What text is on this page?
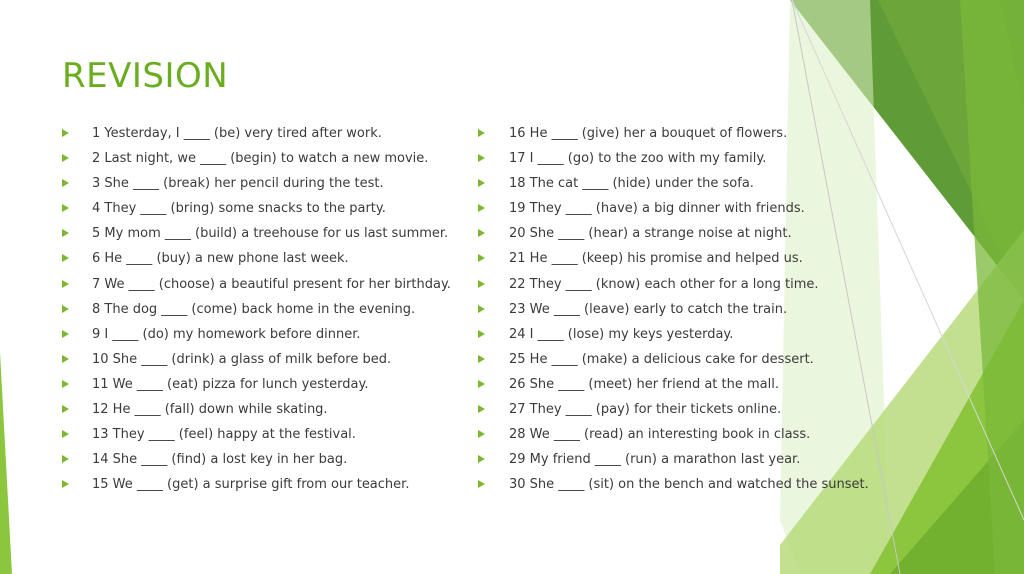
REVISION
1 Yesterday, I ____ (be) very tired after work.
2 Last night, we ____ (begin) to watch a new movie.
3 She ____ (break) her pencil during the test.
4 They ____ (bring) some snacks to the party.
5 My mom ____ (build) a treehouse for us last summer.
6 He ____ (buy) a new phone last week.
7 We ____ (choose) a beautiful present for her birthday.
8 The dog ____ (come) back home in the evening.
9 I ____ (do) my homework before dinner.
10 She ____ (drink) a glass of milk before bed.
11 We ____ (eat) pizza for lunch yesterday.
12 He ____ (fall) down while skating.
13 They ____ (feel) happy at the festival.
14 She ____ (find) a lost key in her bag.
15 We ____ (get) a surprise gift from our teacher.
16 He ____ (give) her a bouquet of flowers.
17 I ____ (go) to the zoo with my family.
18 The cat ____ (hide) under the sofa.
19 They ____ (have) a big dinner with friends.
20 She ____ (hear) a strange noise at night.
21 He ____ (keep) his promise and helped us.
22 They ____ (know) each other for a long time.
23 We ____ (leave) early to catch the train.
24 I ____ (lose) my keys yesterday.
25 He ____ (make) a delicious cake for dessert.
26 She ____ (meet) her friend at the mall.
27 They ____ (pay) for their tickets online.
28 We ____ (read) an interesting book in class.
29 My friend ____ (run) a marathon last year.
30 She ____ (sit) on the bench and watched the sunset.
